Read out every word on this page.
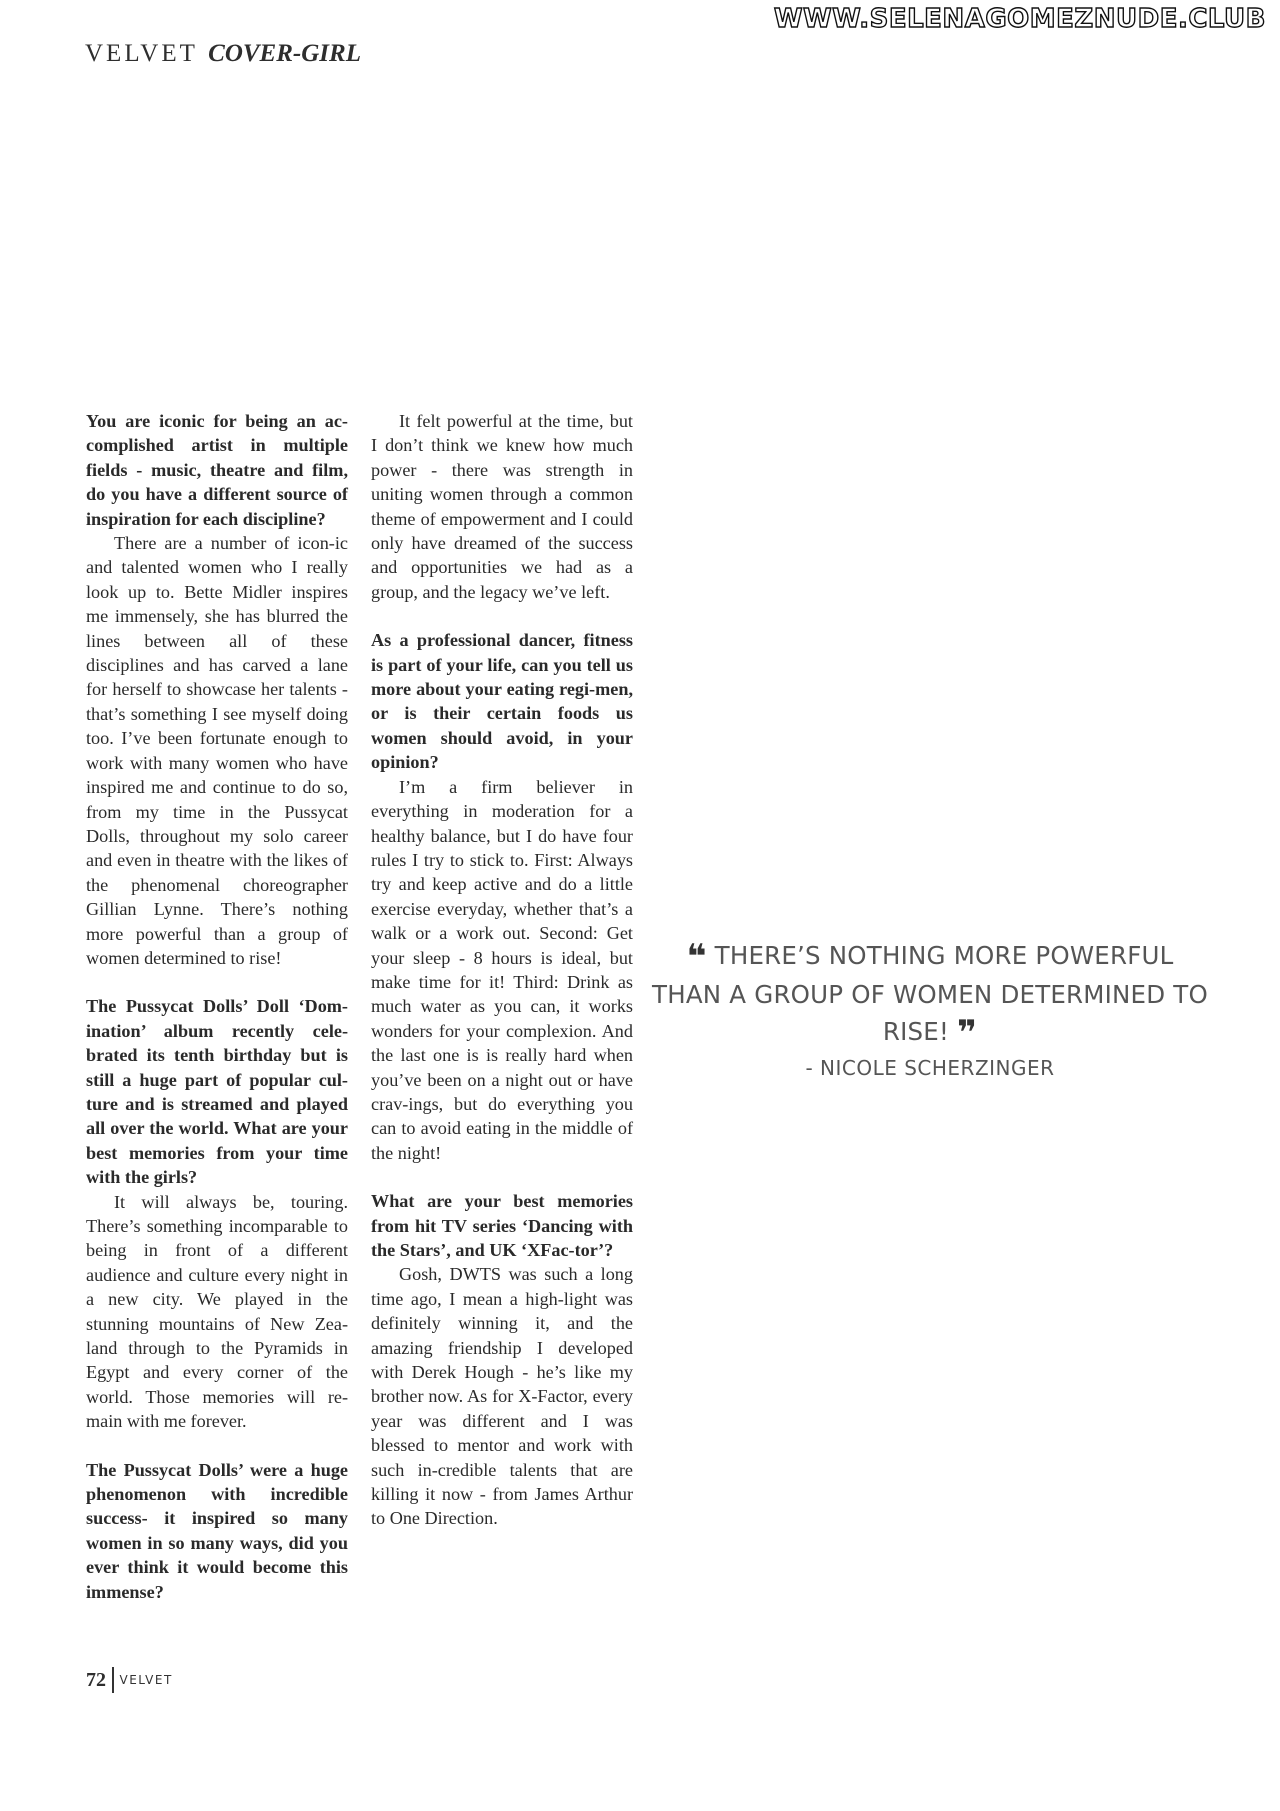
WWW.SELENAGOMEZNUDE.CLUB
VELVET COVER-GIRL

You are iconic for being an ac-complished artist in multiple fields - music, theatre and film, do you have a different source of inspiration for each discipline?

There are a number of icon-ic and talented women who I really look up to. Bette Midler inspires me immensely, she has blurred the lines between all of these disciplines and has carved a lane for herself to showcase her talents - that’s something I see myself doing too. I’ve been fortunate enough to work with many women who have inspired me and continue to do so, from my time in the Pussycat Dolls, throughout my solo career and even in theatre with the likes of the phenomenal choreographer Gillian Lynne. There’s nothing more powerful than a group of women determined to rise!

The Pussycat Dolls’ Doll ‘Dom-ination’ album recently cele-brated its tenth birthday but is still a huge part of popular cul-ture and is streamed and played all over the world. What are your best memories from your time with the girls?

It will always be, touring. There’s something incomparable to being in front of a different audience and culture every night in a new city. We played in the stunning mountains of New Zea-land through to the Pyramids in Egypt and every corner of the world. Those memories will re-main with me forever.

The Pussycat Dolls’ were a huge phenomenon with incredible success- it inspired so many women in so many ways, did you ever think it would become this immense?

It felt powerful at the time, but I don’t think we knew how much power - there was strength in uniting women through a common theme of empowerment and I could only have dreamed of the success and opportunities we had as a group, and the legacy we’ve left.

As a professional dancer, fitness is part of your life, can you tell us more about your eating regi-men, or is their certain foods us women should avoid, in your opinion?

I’m a firm believer in everything in moderation for a healthy balance, but I do have four rules I try to stick to. First: Always try and keep active and do a little exercise everyday, whether that’s a walk or a work out. Second: Get your sleep - 8 hours is ideal, but make time for it! Third: Drink as much water as you can, it works wonders for your complexion. And the last one is is really hard when you’ve been on a night out or have crav-ings, but do everything you can to avoid eating in the middle of the night!

What are your best memories from hit TV series ‘Dancing with the Stars’, and UK ‘XFac-tor’?

Gosh, DWTS was such a long time ago, I mean a high-light was definitely winning it, and the amazing friendship I developed with Derek Hough - he’s like my brother now. As for X-Factor, every year was different and I was blessed to mentor and work with such in-credible talents that are killing it now - from James Arthur to One Direction.

❝ THERE’S NOTHING MORE POWERFUL THAN A GROUP OF WOMEN DETERMINED TO RISE! ❞

- NICOLE SCHERZINGER
72 VELVET
